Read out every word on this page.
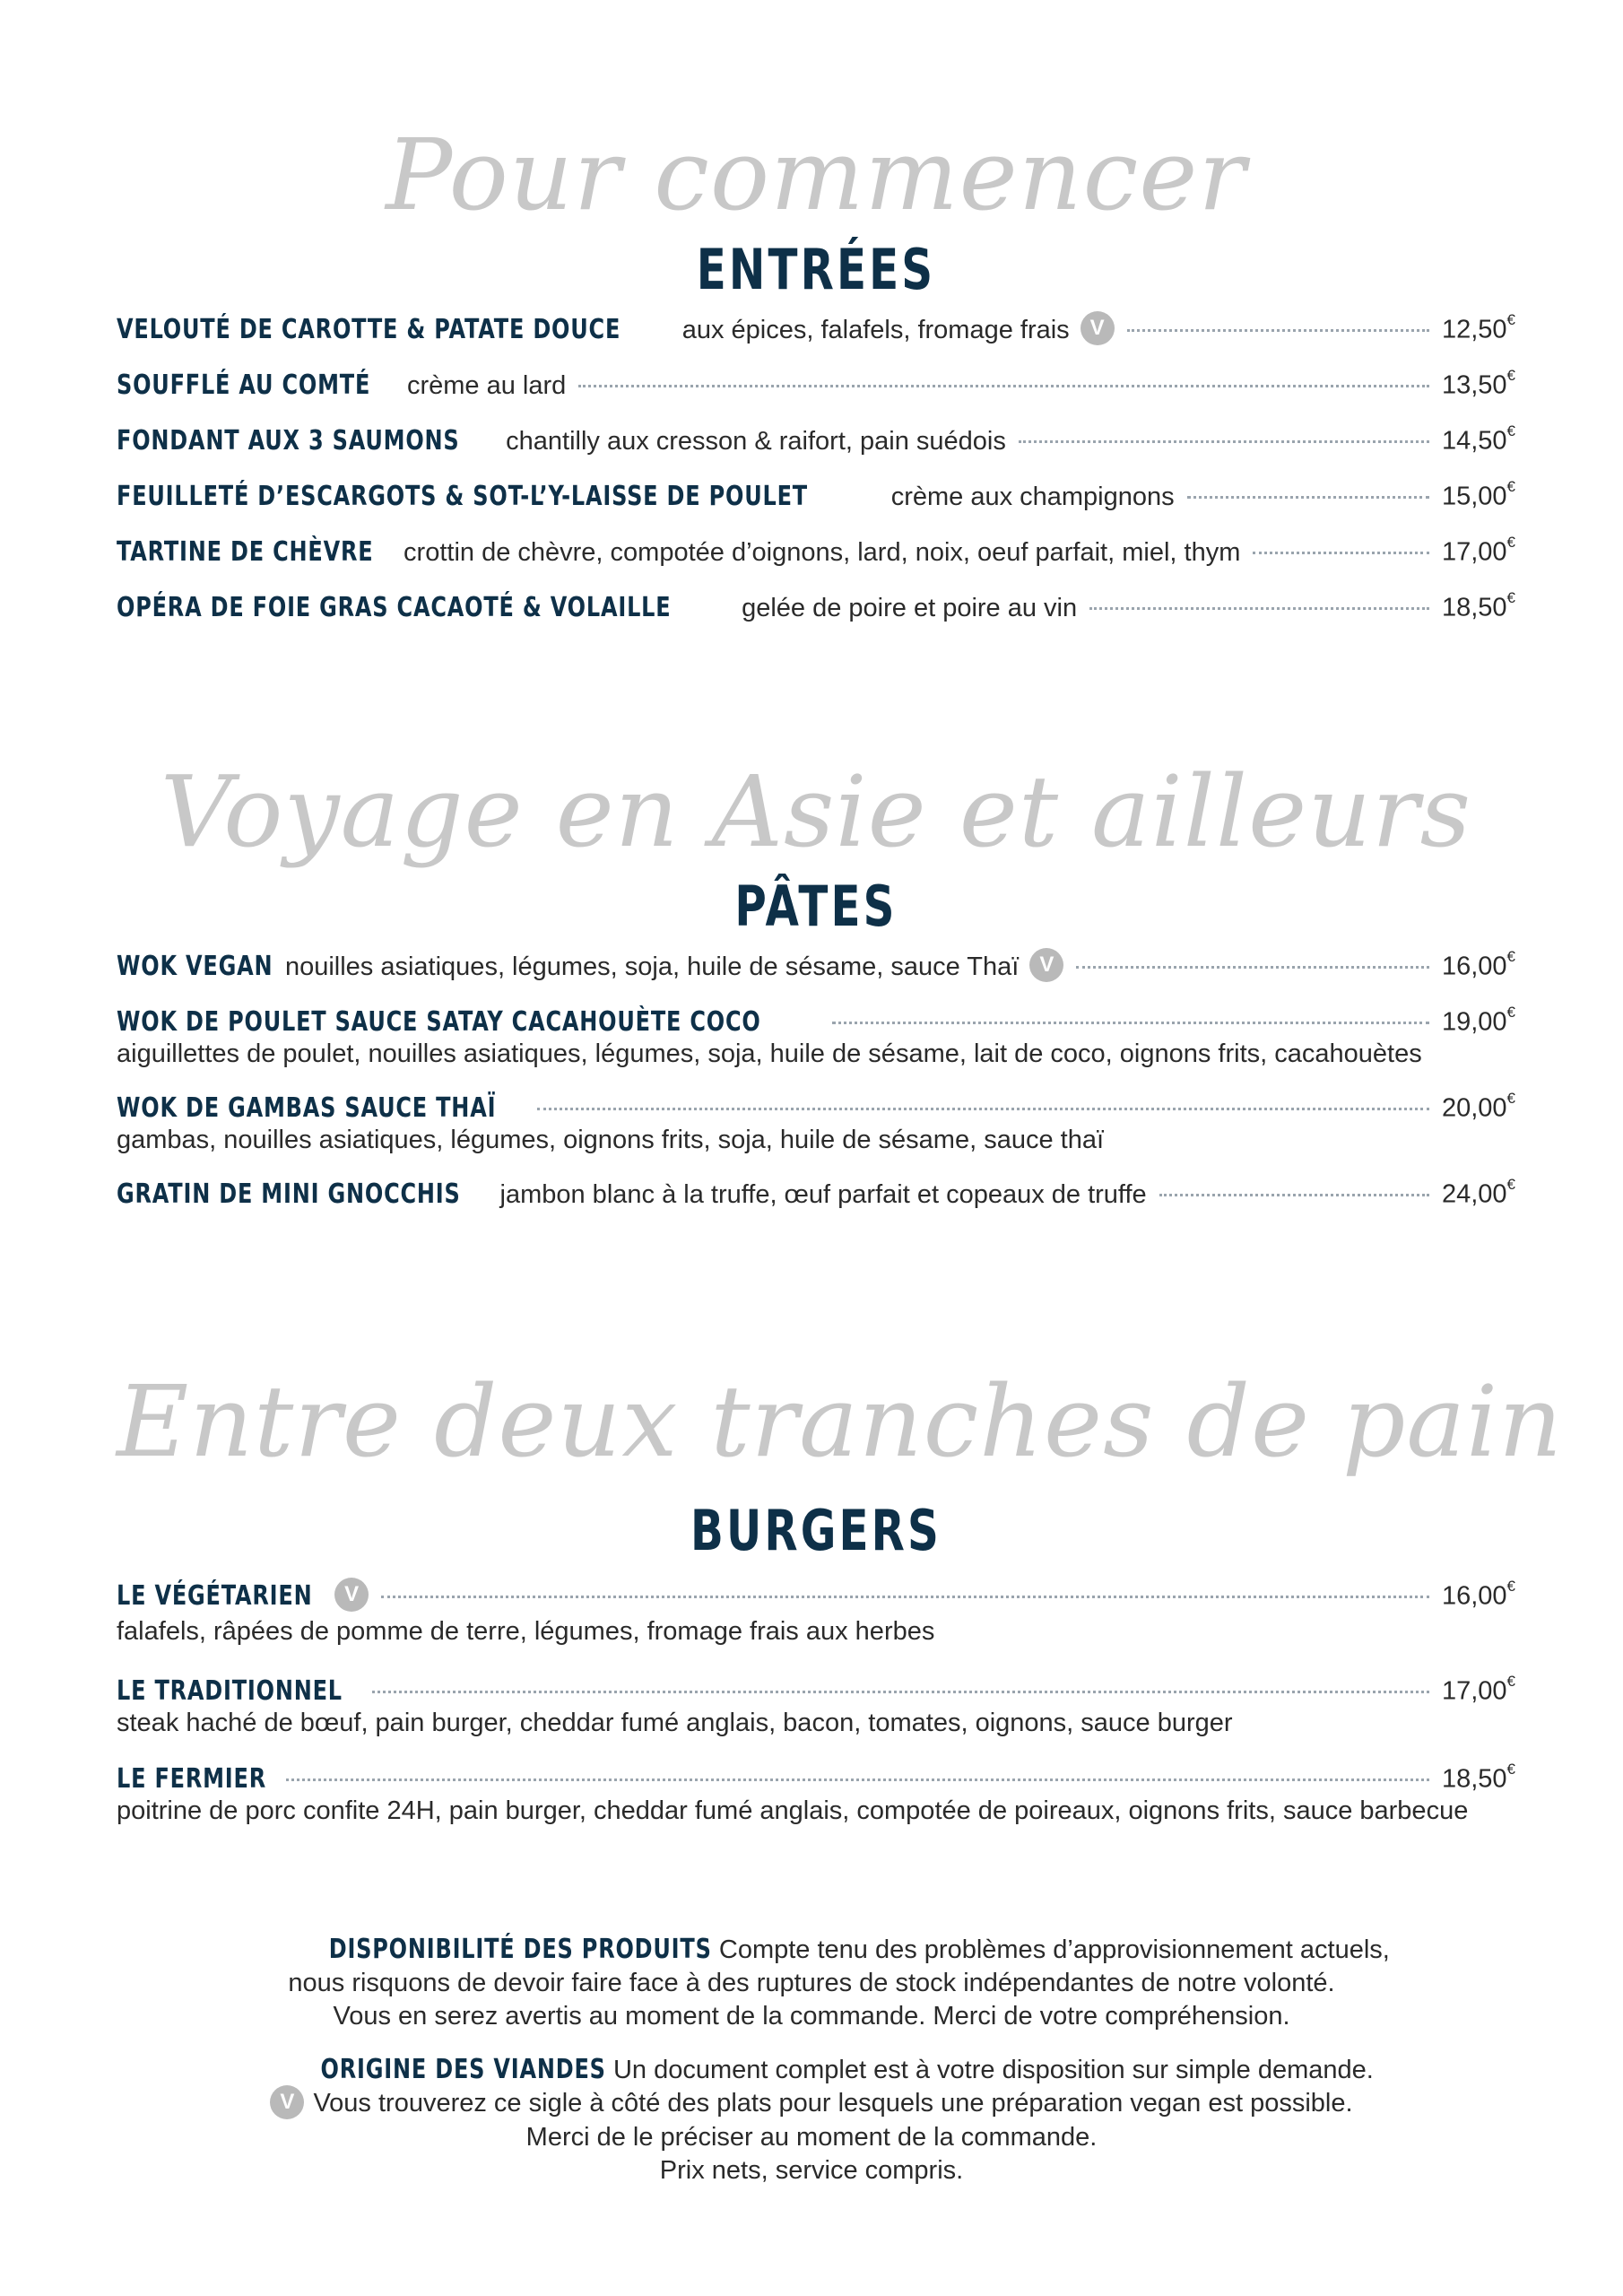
Pour commencer
ENTRÉES
VELOUTÉ DE CAROTTE & PATATE DOUCE aux épices, falafels, fromage frais V	12,50€
SOUFFLÉ AU COMTÉ crème au lard	13,50€
FONDANT AUX 3 SAUMONS chantilly aux cresson & raifort, pain suédois	14,50€
FEUILLETÉ D’ESCARGOTS & SOT-L’Y-LAISSE DE POULET	crème aux champignons	15,00€
TARTINE DE CHÈVRE crottin de chèvre, compotée d’oignons, lard, noix, oeuf parfait, miel, thym	17,00€
OPÉRA DE FOIE GRAS CACAOTÉ & VOLAILLE	gelée de poire et poire au vin	18,50€
Voyage en Asie et ailleurs
PÂTES
WOK VEGAN nouilles asiatiques, légumes, soja, huile de sésame, sauce Thaï V	16,00€
WOK DE POULET SAUCE SATAY CACAHOUÈTE COCO	19,00€
aiguillettes de poulet, nouilles asiatiques, légumes, soja, huile de sésame, lait de coco, oignons frits, cacahouètes
WOK DE GAMBAS SAUCE THAÏ	20,00€
gambas, nouilles asiatiques, légumes, oignons frits, soja, huile de sésame, sauce thaï
GRATIN DE MINI GNOCCHIS jambon blanc à la truffe, œuf parfait et copeaux de truffe	24,00€
Entre deux tranches de pain
BURGERS
LE VÉGÉTARIEN	V	16,00€
falafels, râpées de pomme de terre, légumes, fromage frais aux herbes
LE TRADITIONNEL	17,00€
steak haché de bœuf, pain burger, cheddar fumé anglais, bacon, tomates, oignons, sauce burger
LE FERMIER	18,50€
poitrine de porc confite 24H, pain burger, cheddar fumé anglais, compotée de poireaux, oignons frits, sauce barbecue

DISPONIBILITÉ DES PRODUITS Compte tenu des problèmes d’approvisionnement actuels,

nous risquons de devoir faire face à des ruptures de stock indépendantes de notre volonté.

Vous en serez avertis au moment de la commande. Merci de votre compréhension.

ORIGINE DES VIANDES Un document complet est à votre disposition sur simple demande.

V Vous trouverez ce sigle à côté des plats pour lesquels une préparation vegan est possible.

Merci de le préciser au moment de la commande.

Prix nets, service compris.
